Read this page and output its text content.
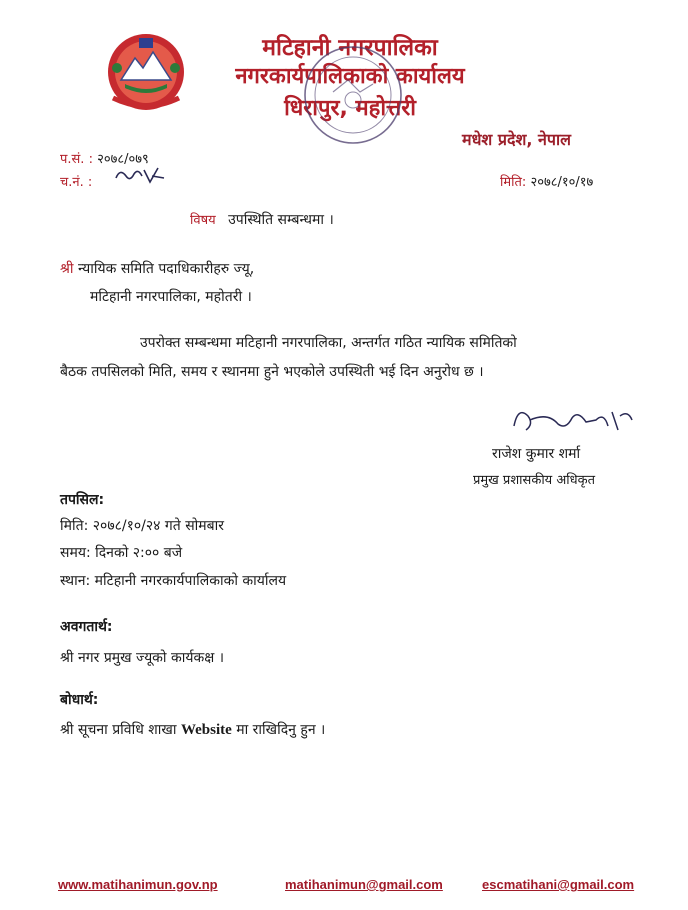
मटिहानी नगरपालिका
नगरकार्यपालिकाको कार्यालय
धिरापुर, महोत्तरी
मधेश प्रदेश, नेपाल
प.सं. : २०७८/०७९
च.नं. :	मिति: २०७८/१०/१७
विषय उपस्थिति सम्बन्धमा ।
श्री न्यायिक समिति पदाधिकारीहरु ज्यू,
मटिहानी नगरपालिका, महोतरी ।
उपरोक्त सम्बन्धमा मटिहानी नगरपालिका, अन्तर्गत गठित न्यायिक समितिको
बैठक तपसिलको मिति, समय र स्थानमा हुने भएकोले उपस्थिती भई दिन अनुरोध छ ।
राजेश कुमार शर्मा
प्रमुख प्रशासकीय अधिकृत
तपसिल:
मिति: २०७८/१०/२४ गते सोमबार
समय: दिनको २:०० बजे
स्थान: मटिहानी नगरकार्यपालिकाको कार्यालय
अवगतार्थ:
श्री नगर प्रमुख ज्यूको कार्यकक्ष ।
बोधार्थ:
श्री सूचना प्रविधि शाखा Website मा राखिदिनु हुन ।
www.matihanimun.gov.np	matihanimun@gmail.com	escmatihani@gmail.com
